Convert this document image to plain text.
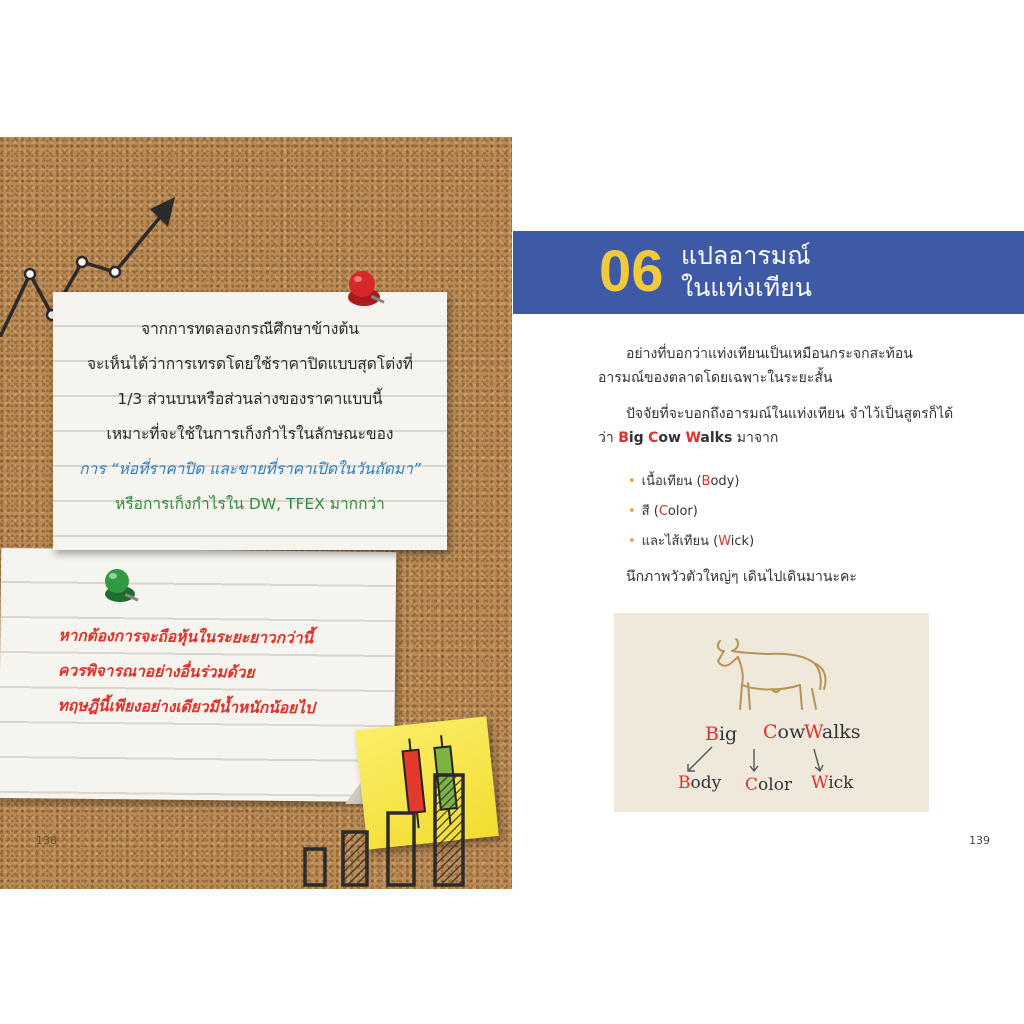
หากต้องการจะถือหุ้นในระยะยาวกว่านี้
ควรพิจารณาอย่างอื่นร่วมด้วย
ทฤษฎีนี้เพียงอย่างเดียวมีน้ำหนักน้อยไป
จากการทดลองกรณีศึกษาข้างต้น
จะเห็นได้ว่าการเทรดโดยใช้ราคาปิดแบบสุดโต่งที่
1/3 ส่วนบนหรือส่วนล่างของราคาแบบนี้
เหมาะที่จะใช้ในการเก็งกำไรในลักษณะของ
การ “ห่อที่ราคาปิด และขายที่ราคาเปิดในวันถัดมา”
หรือการเก็งกำไรใน DW, TFEX มากกว่า
138
06 แปลอารมณ์
ในแท่งเทียน
อย่างที่บอกว่าแท่งเทียนเป็นเหมือนกระจกสะท้อน
อารมณ์ของตลาดโดยเฉพาะในระยะสั้น
ปัจจัยที่จะบอกถึงอารมณ์ในแท่งเทียน จำไว้เป็นสูตรก็ได้
ว่า Big Cow Walks มาจาก
• เนื้อเทียน (Body)
• สี (Color)
• และไส้เทียน (Wick)
นึกภาพวัวตัวใหญ่ๆ เดินไปเดินมานะคะ
Big Cow
Walks
Body Color Wick
139
